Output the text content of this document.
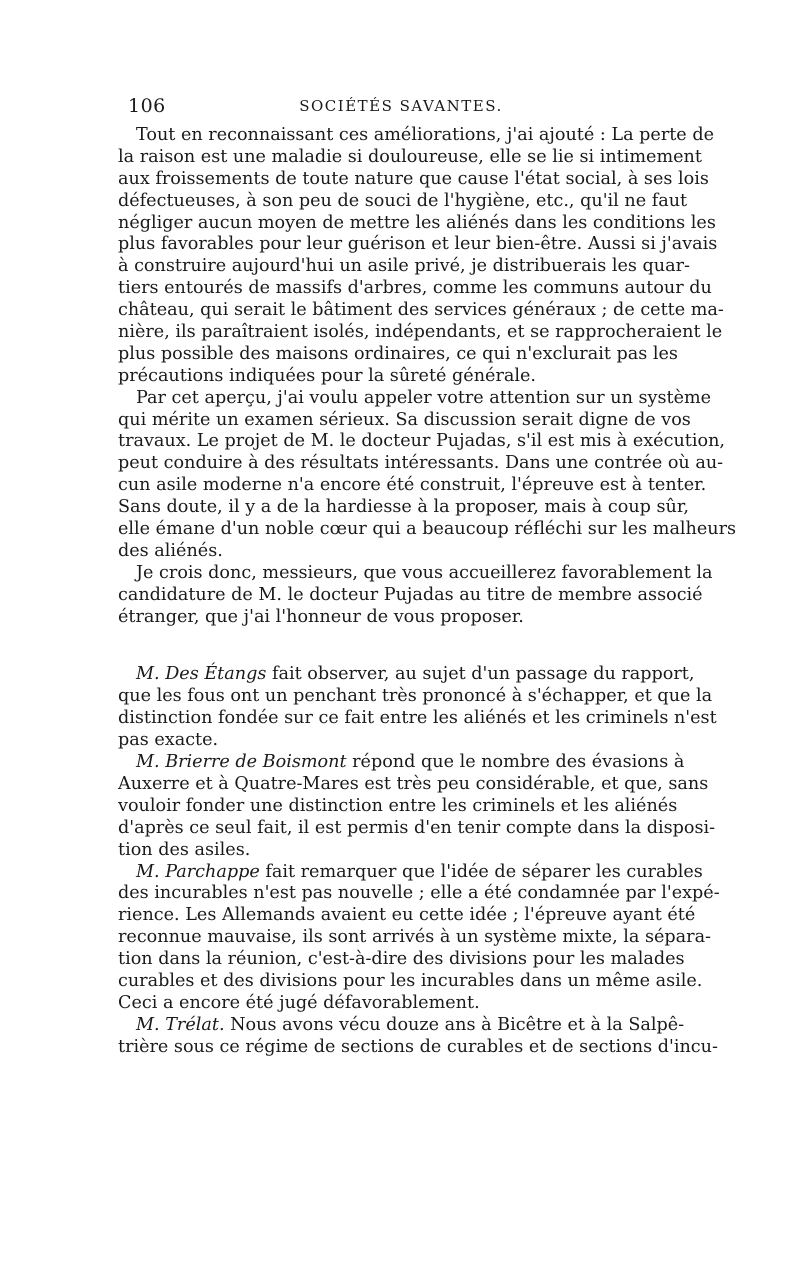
106	SOCIÉTÉS SAVANTES.
Tout en reconnaissant ces améliorations, j'ai ajouté : La perte de
la raison est une maladie si douloureuse, elle se lie si intimement
aux froissements de toute nature que cause l'état social, à ses lois
défectueuses, à son peu de souci de l'hygiène, etc., qu'il ne faut
négliger aucun moyen de mettre les aliénés dans les conditions les
plus favorables pour leur guérison et leur bien-être. Aussi si j'avais
à construire aujourd'hui un asile privé, je distribuerais les quar-
tiers entourés de massifs d'arbres, comme les communs autour du
château, qui serait le bâtiment des services généraux ; de cette ma-
nière, ils paraîtraient isolés, indépendants, et se rapprocheraient le
plus possible des maisons ordinaires, ce qui n'exclurait pas les
précautions indiquées pour la sûreté générale.
Par cet aperçu, j'ai voulu appeler votre attention sur un système
qui mérite un examen sérieux. Sa discussion serait digne de vos
travaux. Le projet de M. le docteur Pujadas, s'il est mis à exécution,
peut conduire à des résultats intéressants. Dans une contrée où au-
cun asile moderne n'a encore été construit, l'épreuve est à tenter.
Sans doute, il y a de la hardiesse à la proposer, mais à coup sûr,
elle émane d'un noble cœur qui a beaucoup réfléchi sur les malheurs
des aliénés.
Je crois donc, messieurs, que vous accueillerez favorablement la
candidature de M. le docteur Pujadas au titre de membre associé
étranger, que j'ai l'honneur de vous proposer.
M. Des Étangs fait observer, au sujet d'un passage du rapport,
que les fous ont un penchant très prononcé à s'échapper, et que la
distinction fondée sur ce fait entre les aliénés et les criminels n'est
pas exacte.
M. Brierre de Boismont répond que le nombre des évasions à
Auxerre et à Quatre-Mares est très peu considérable, et que, sans
vouloir fonder une distinction entre les criminels et les aliénés
d'après ce seul fait, il est permis d'en tenir compte dans la disposi-
tion des asiles.
M. Parchappe fait remarquer que l'idée de séparer les curables
des incurables n'est pas nouvelle ; elle a été condamnée par l'expé-
rience. Les Allemands avaient eu cette idée ; l'épreuve ayant été
reconnue mauvaise, ils sont arrivés à un système mixte, la sépara-
tion dans la réunion, c'est-à-dire des divisions pour les malades
curables et des divisions pour les incurables dans un même asile.
Ceci a encore été jugé défavorablement.
M. Trélat. Nous avons vécu douze ans à Bicêtre et à la Salpê-
trière sous ce régime de sections de curables et de sections d'incu-
